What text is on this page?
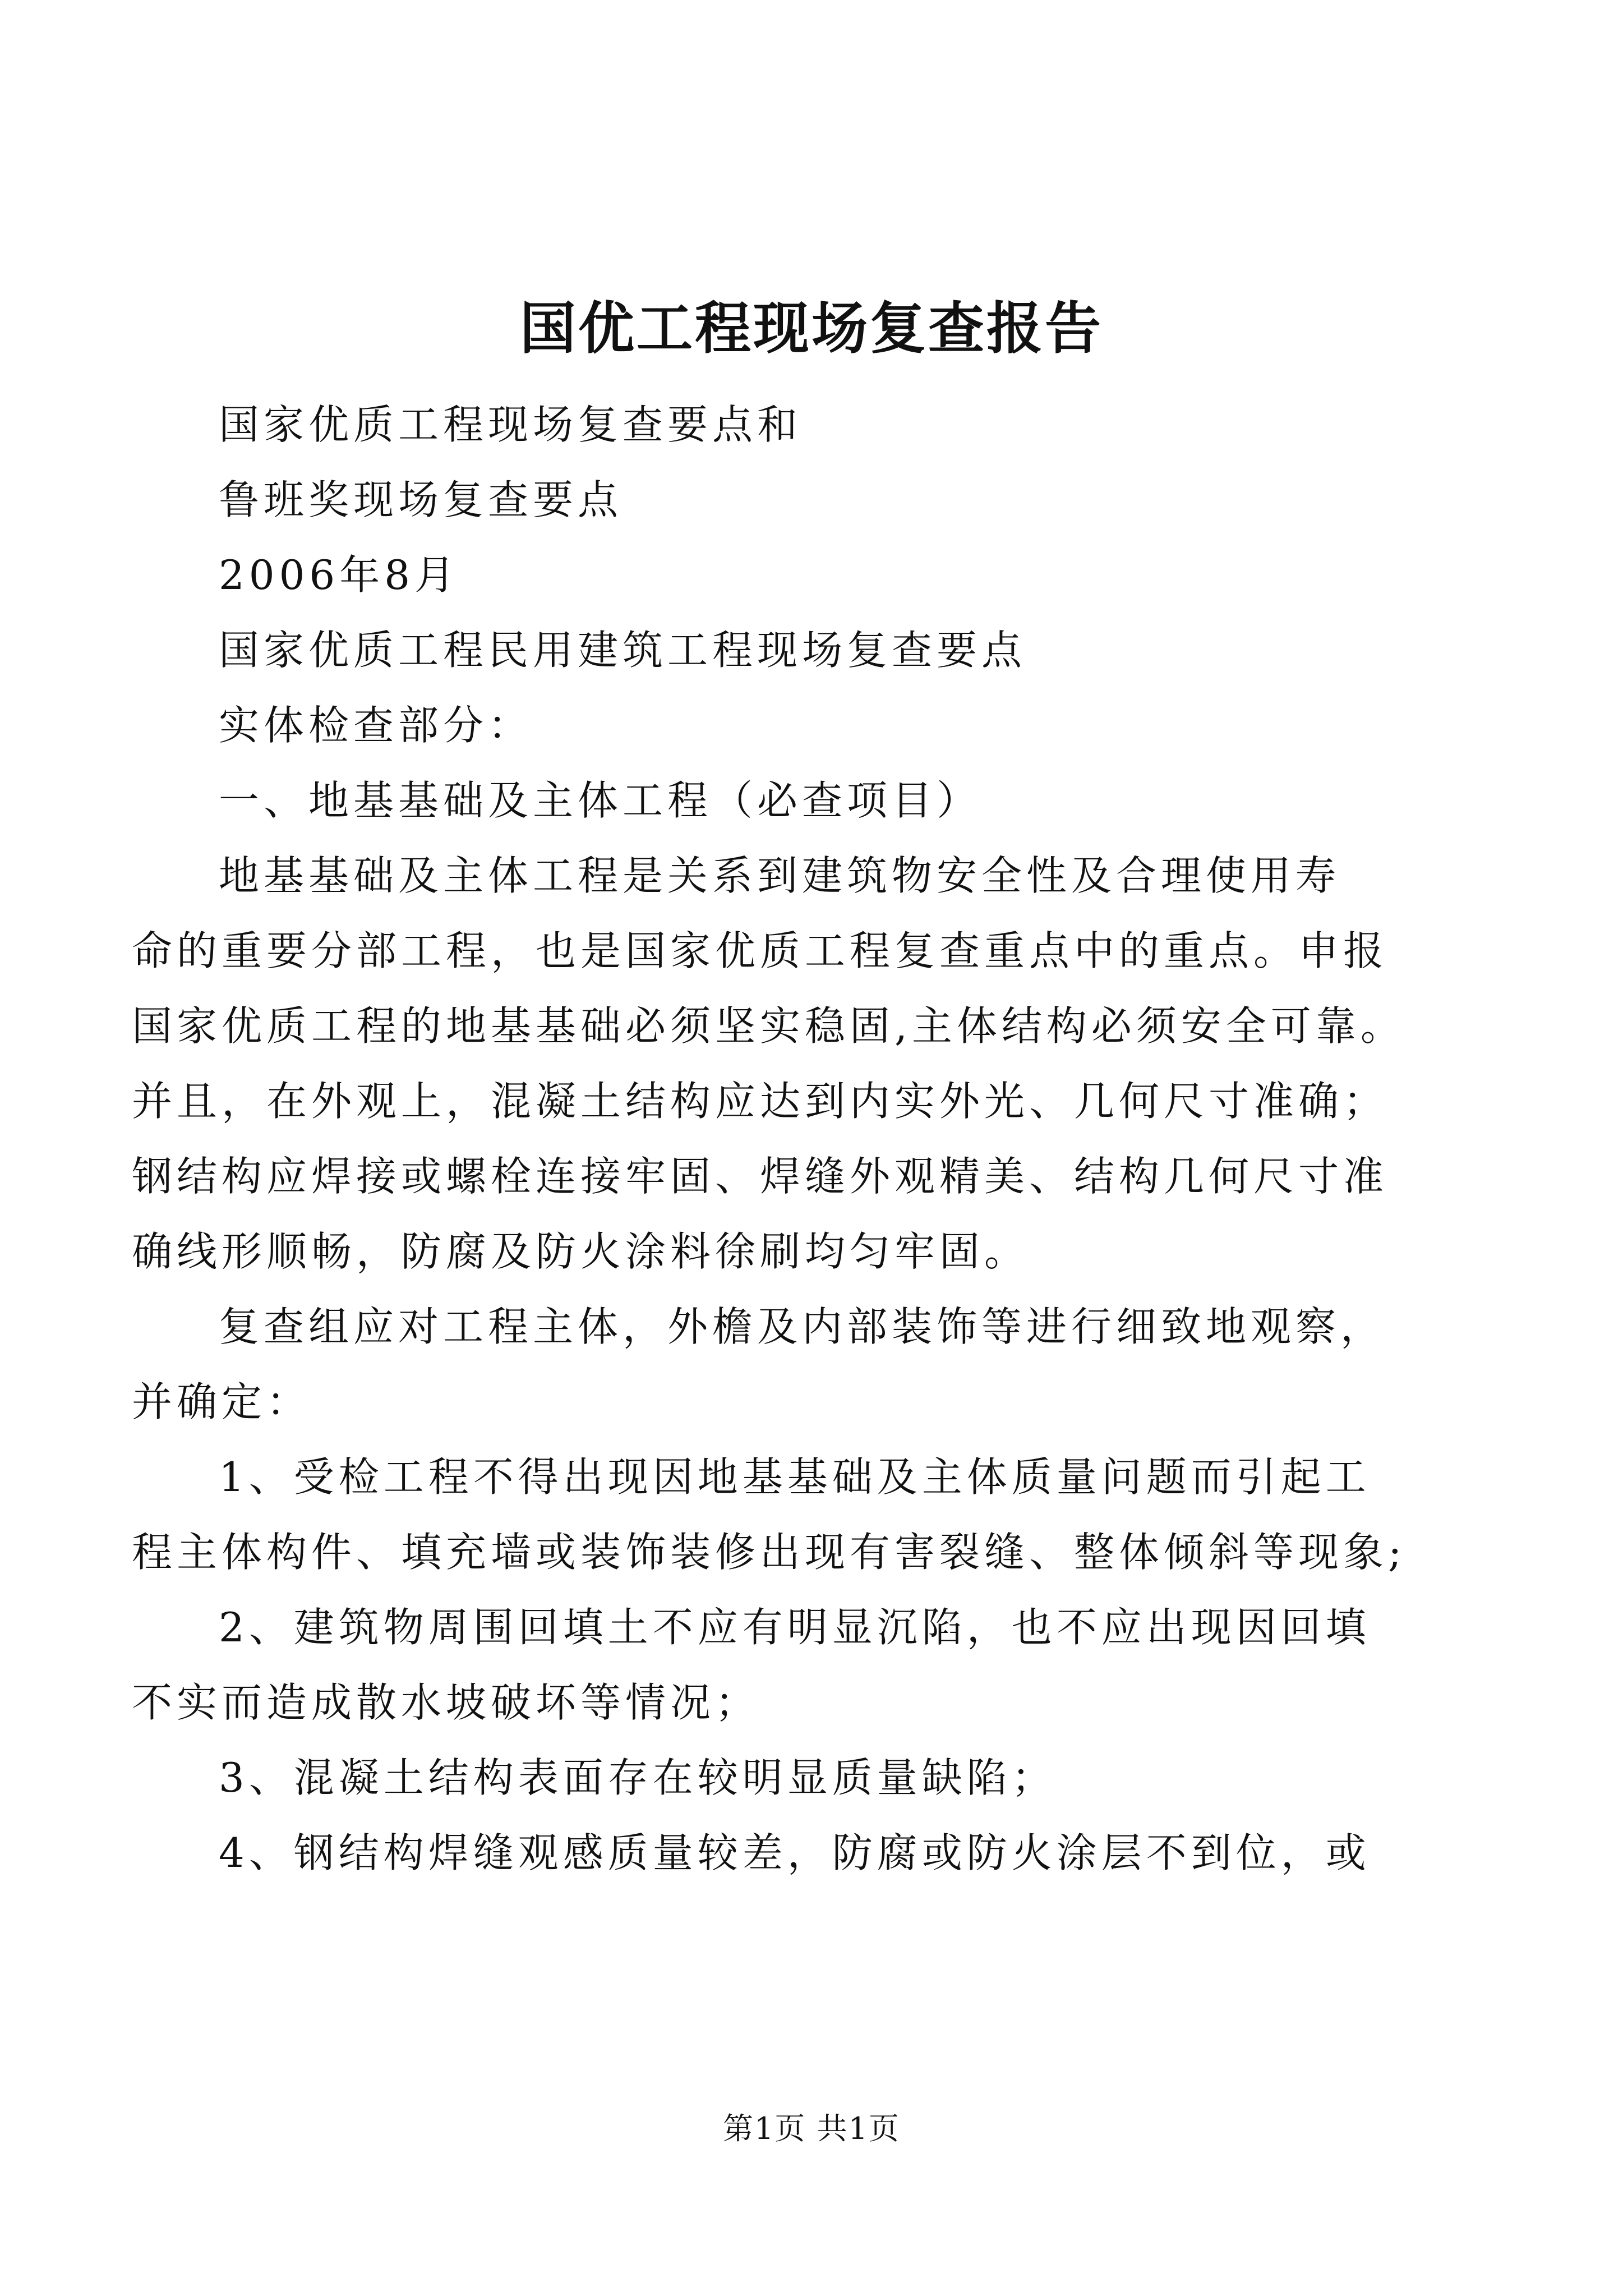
国优工程现场复查报告

国家优质工程现场复查要点和

鲁班奖现场复查要点

2006年8月

国家优质工程民用建筑工程现场复查要点

实体检查部分：

一、地基基础及主体工程（必查项目）

地基基础及主体工程是关系到建筑物安全性及合理使用寿

命的重要分部工程，也是国家优质工程复查重点中的重点。申报

国家优质工程的地基基础必须坚实稳固,主体结构必须安全可靠。

并且，在外观上，混凝土结构应达到内实外光、几何尺寸准确；

钢结构应焊接或螺栓连接牢固、焊缝外观精美、结构几何尺寸准

确线形顺畅，防腐及防火涂料徐刷均匀牢固。

复查组应对工程主体，外檐及内部装饰等进行细致地观察，

并确定：

1、受检工程不得出现因地基基础及主体质量问题而引起工

程主体构件、填充墙或装饰装修出现有害裂缝、整体倾斜等现象;

2、建筑物周围回填土不应有明显沉陷，也不应出现因回填

不实而造成散水坡破坏等情况；

3、混凝土结构表面存在较明显质量缺陷；

4、钢结构焊缝观感质量较差，防腐或防火涂层不到位，或

第1页 共1页
